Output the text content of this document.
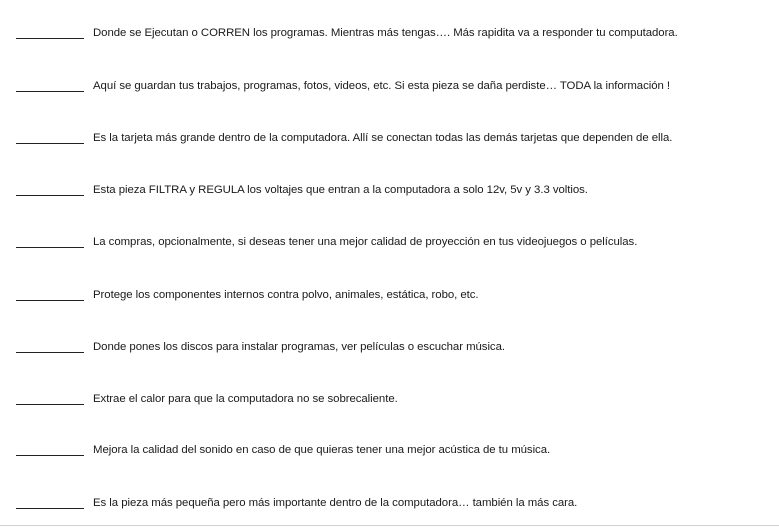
Donde se Ejecutan o CORREN los programas. Mientras más tengas…. Más rapidita va a responder tu computadora.
Aquí se guardan tus trabajos, programas, fotos, videos, etc. Si esta pieza se daña perdiste… TODA la información !
Es la tarjeta más grande dentro de la computadora. Allí se conectan todas las demás tarjetas que dependen de ella.
Esta pieza FILTRA y REGULA los voltajes que entran a la computadora a solo 12v, 5v y 3.3 voltios.
La compras, opcionalmente, si deseas tener una mejor calidad de proyección en tus videojuegos o películas.
Protege los componentes internos contra polvo, animales, estática, robo, etc.
Donde pones los discos para instalar programas, ver películas o escuchar música.
Extrae el calor para que la computadora no se sobrecaliente.
Mejora la calidad del sonido en caso de que quieras tener una mejor acústica de tu música.
Es la pieza más pequeña pero más importante dentro de la computadora… también la más cara.
